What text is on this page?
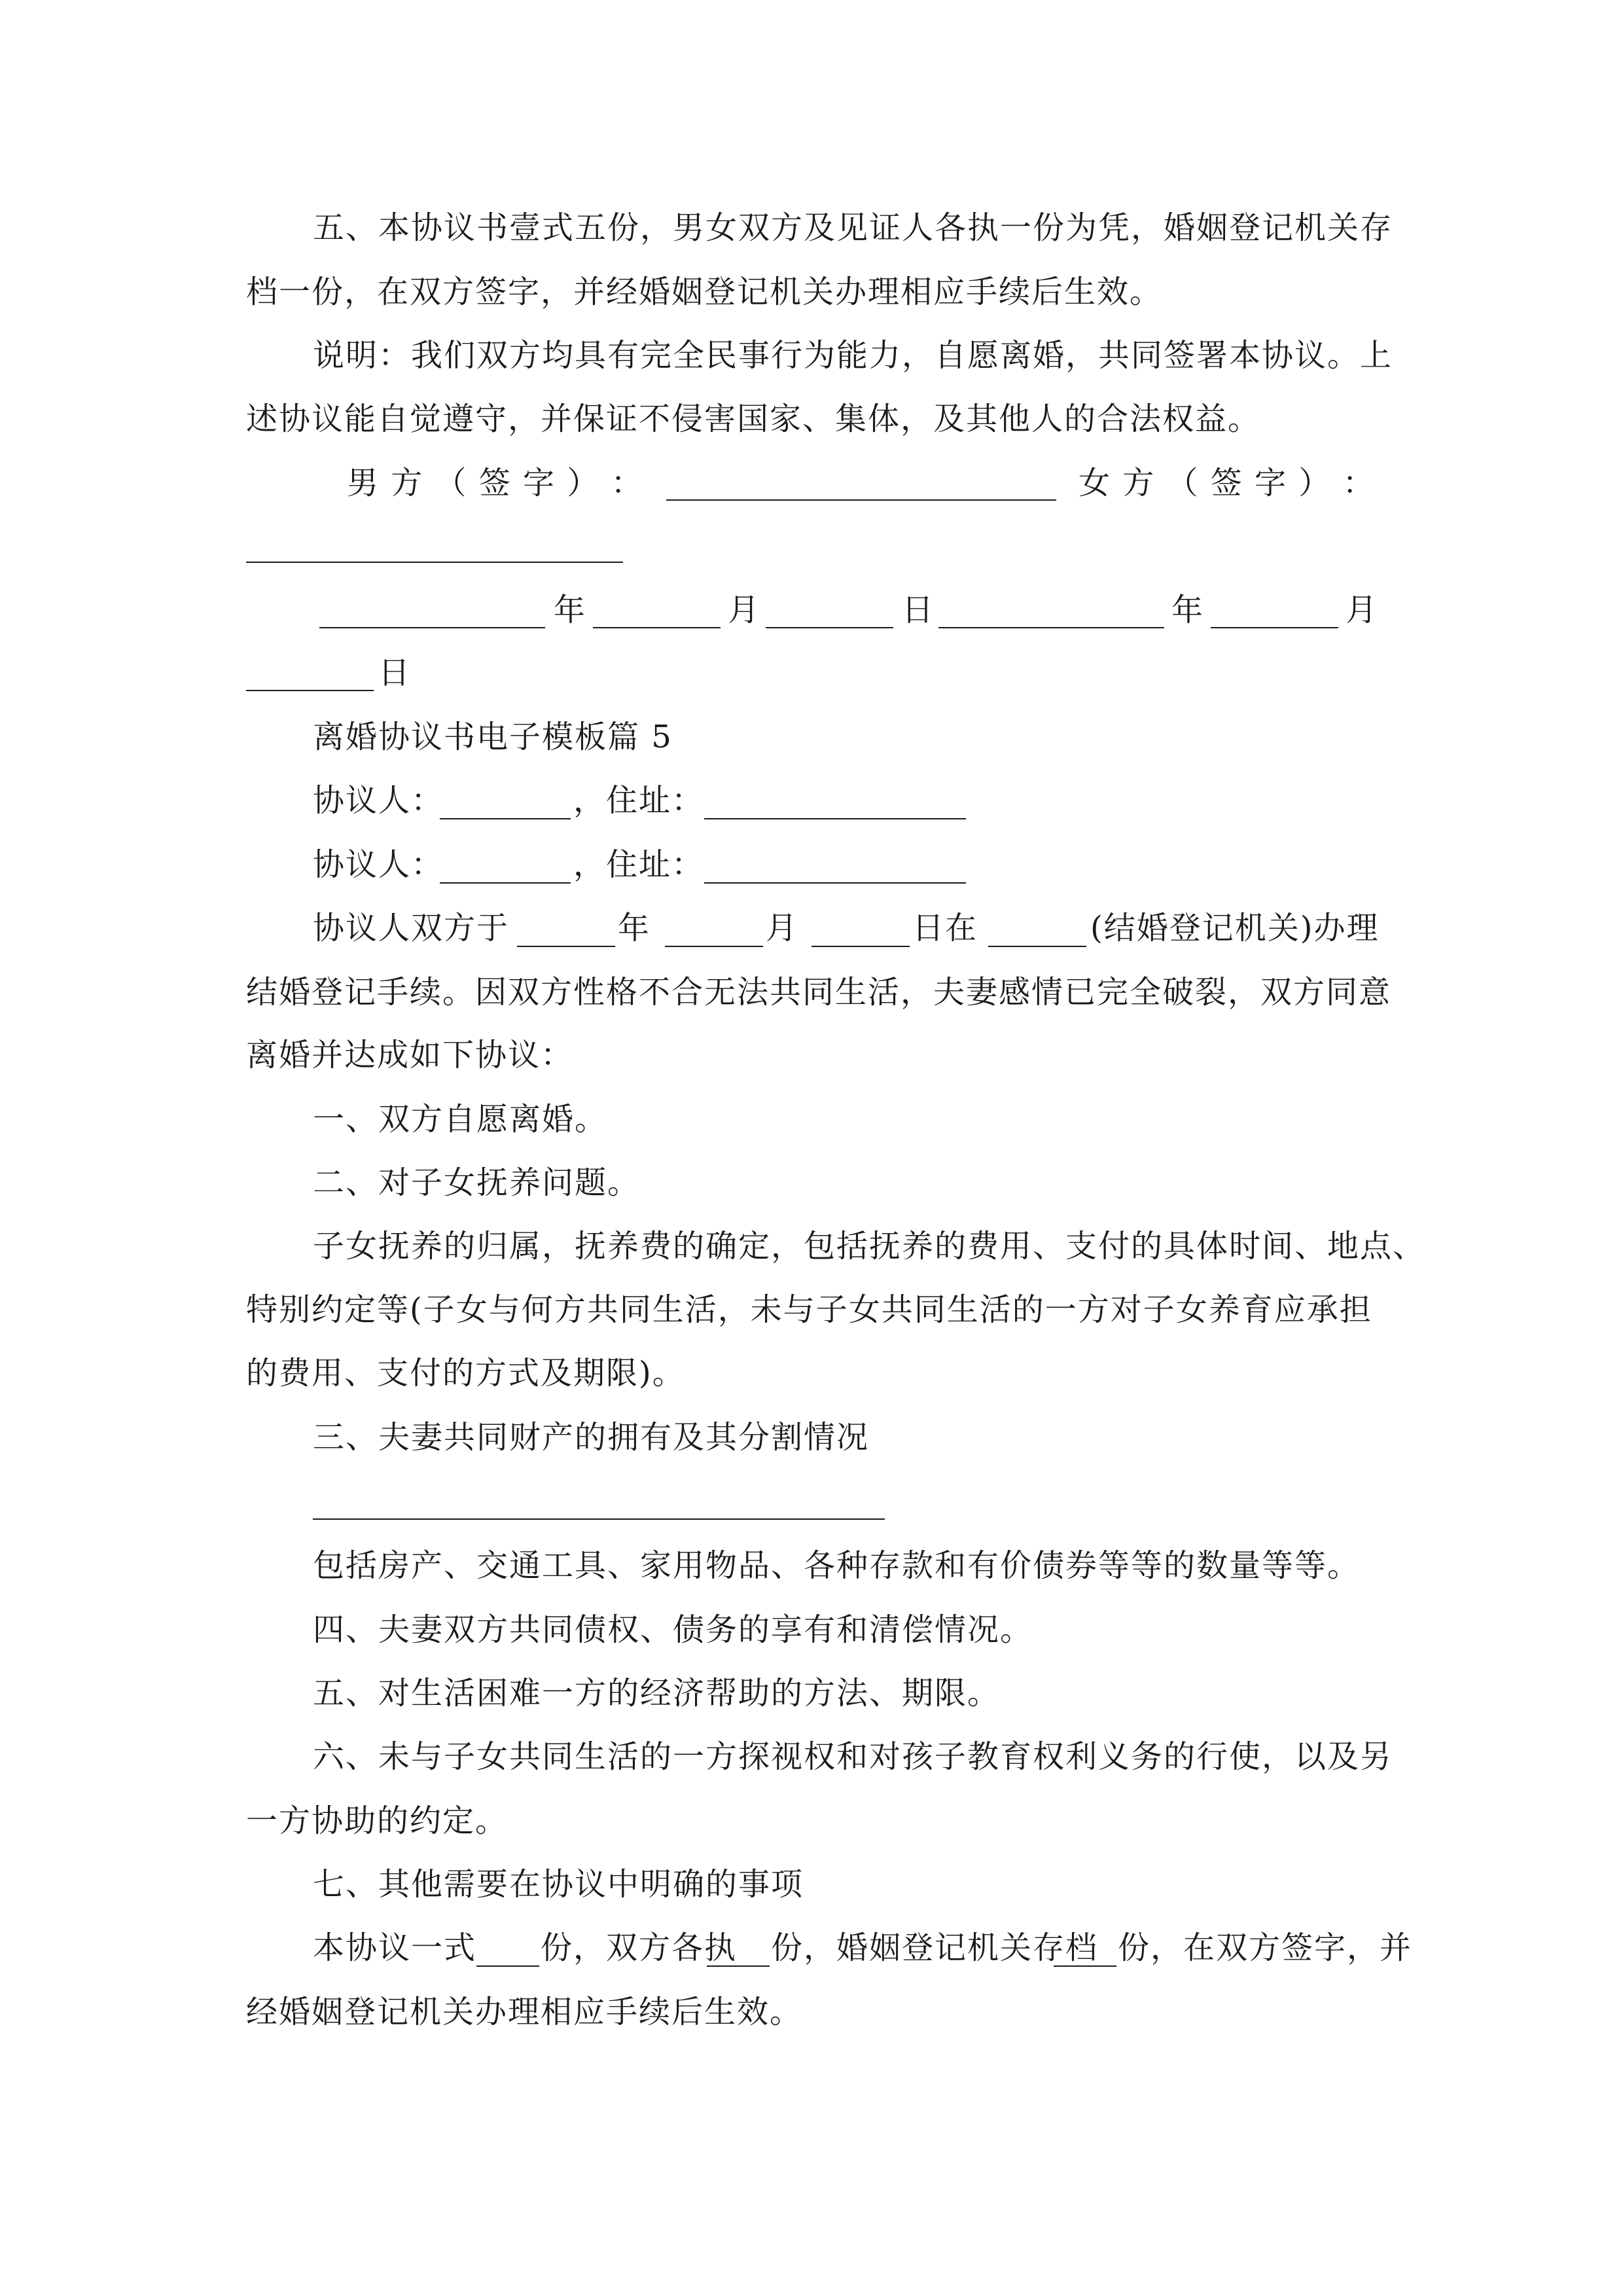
五、本协议书壹式五份，男女双方及见证人各执一份为凭，婚姻登记机关存
档一份，在双方签字，并经婚姻登记机关办理相应手续后生效。
说明：我们双方均具有完全民事行为能力，自愿离婚，共同签署本协议。上
述协议能自觉遵守，并保证不侵害国家、集体，及其他人的合法权益。
男 方 （ 签 字 ） ：	女 方 （ 签 字 ） ：
年	月	日	年	月
日
离婚协议书电子模板篇 5
协议人：	，住址：
协议人：	，住址：
协议人双方于	年	月	日在	(结婚登记机关)办理
结婚登记手续。因双方性格不合无法共同生活，夫妻感情已完全破裂，双方同意
离婚并达成如下协议：
一、双方自愿离婚。
二、对子女抚养问题。
子女抚养的归属，抚养费的确定，包括抚养的费用、支付的具体时间、地点、
特别约定等(子女与何方共同生活，未与子女共同生活的一方对子女养育应承担
的费用、支付的方式及期限)。
三、夫妻共同财产的拥有及其分割情况
包括房产、交通工具、家用物品、各种存款和有价债券等等的数量等等。
四、夫妻双方共同债权、债务的享有和清偿情况。
五、对生活困难一方的经济帮助的方法、期限。
六、未与子女共同生活的一方探视权和对孩子教育权利义务的行使，以及另
一方协助的约定。
七、其他需要在协议中明确的事项
本协议一式 份，双方各执 份，婚姻登记机关存档 份，在双方签字，并
经婚姻登记机关办理相应手续后生效。
